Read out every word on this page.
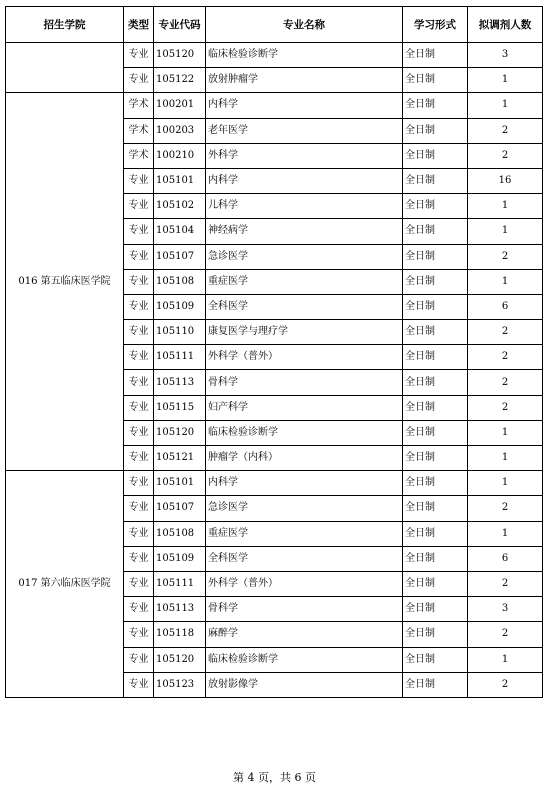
招生学院	类型	专业代码	专业名称	学习形式	拟调剂人数
	专业	105120	临床检验诊断学	全日制	3
	专业	105122	放射肿瘤学	全日制	1
016 第五临床医学院	学术	100201	内科学	全日制	1
	学术	100203	老年医学	全日制	2
	学术	100210	外科学	全日制	2
	专业	105101	内科学	全日制	16
	专业	105102	儿科学	全日制	1
	专业	105104	神经病学	全日制	1
	专业	105107	急诊医学	全日制	2
	专业	105108	重症医学	全日制	1
	专业	105109	全科医学	全日制	6
	专业	105110	康复医学与理疗学	全日制	2
	专业	105111	外科学（普外）	全日制	2
	专业	105113	骨科学	全日制	2
	专业	105115	妇产科学	全日制	2
	专业	105120	临床检验诊断学	全日制	1
	专业	105121	肿瘤学（内科）	全日制	1
017 第六临床医学院	专业	105101	内科学	全日制	1
	专业	105107	急诊医学	全日制	2
	专业	105108	重症医学	全日制	1
	专业	105109	全科医学	全日制	6
	专业	105111	外科学（普外）	全日制	2
	专业	105113	骨科学	全日制	3
	专业	105118	麻醉学	全日制	2
	专业	105120	临床检验诊断学	全日制	1
	专业	105123	放射影像学	全日制	2
第 4 页，共 6 页
